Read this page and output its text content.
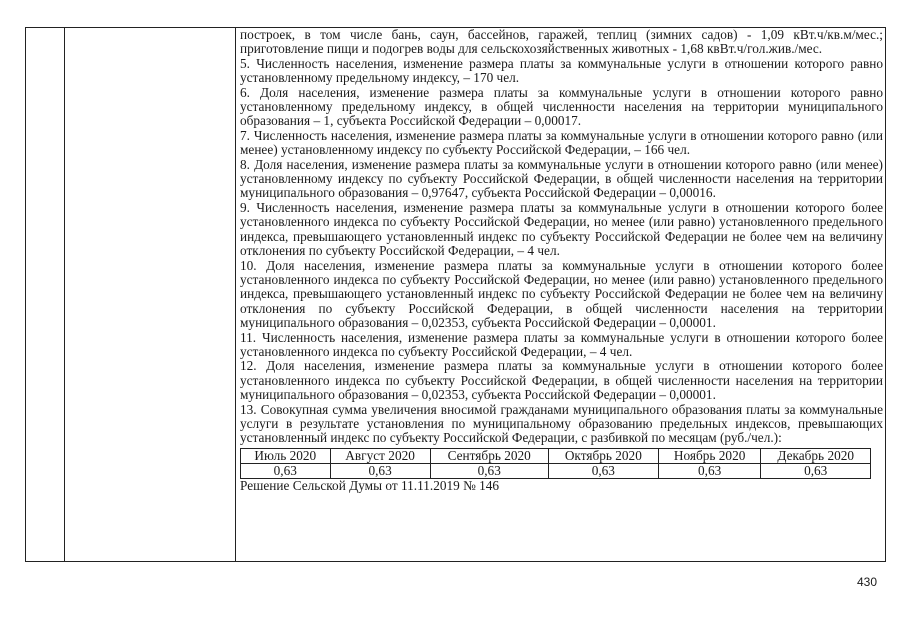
построек, в том числе бань, саун, бассейнов, гаражей, теплиц (зимних садов) - 1,09 кВт.ч/кв.м/мес.; приготовление пищи и подогрев воды для сельскохозяйственных животных - 1,68 квВт.ч/гол.жив./мес.

5. Численность населения, изменение размера платы за коммунальные услуги в отношении которого равно установленному предельному индексу, – 170 чел.

6. Доля населения, изменение размера платы за коммунальные услуги в отношении которого равно установленному предельному индексу, в общей численности населения на территории муниципального образования – 1, субъекта Российской Федерации – 0,00017.

7. Численность населения, изменение размера платы за коммунальные услуги в отношении которого равно (или менее) установленному индексу по субъекту Российской Федерации, – 166 чел.

8. Доля населения, изменение размера платы за коммунальные услуги в отношении которого равно (или менее) установленному индексу по субъекту Российской Федерации, в общей численности населения на территории муниципального образования – 0,97647, субъекта Российской Федерации – 0,00016.

9. Численность населения, изменение размера платы за коммунальные услуги в отношении которого более установленного индекса по субъекту Российской Федерации, но менее (или равно) установленного предельного индекса, превышающего установленный индекс по субъекту Российской Федерации не более чем на величину отклонения по субъекту Российской Федерации, – 4 чел.

10. Доля населения, изменение размера платы за коммунальные услуги в отношении которого более установленного индекса по субъекту Российской Федерации, но менее (или равно) установленного предельного индекса, превышающего установленный индекс по субъекту Российской Федерации не более чем на величину отклонения по субъекту Российской Федерации, в общей численности населения на территории муниципального образования – 0,02353, субъекта Российской Федерации – 0,00001.

11. Численность населения, изменение размера платы за коммунальные услуги в отношении которого более установленного индекса по субъекту Российской Федерации, – 4 чел.

12. Доля населения, изменение размера платы за коммунальные услуги в отношении которого более установленного индекса по субъекту Российской Федерации, в общей численности населения на территории муниципального образования – 0,02353, субъекта Российской Федерации – 0,00001.

13. Совокупная сумма увеличения вносимой гражданами муниципального образования платы за коммунальные услуги в результате установления по муниципальному образованию предельных индексов, превышающих установленный индекс по субъекту Российской Федерации, с разбивкой по месяцам (руб./чел.):

Июль 2020	Август 2020	Сентябрь 2020	Октябрь 2020	Ноябрь 2020	Декабрь 2020
0,63	0,63	0,63	0,63	0,63	0,63

Решение Сельской Думы от 11.11.2019 № 146

430
